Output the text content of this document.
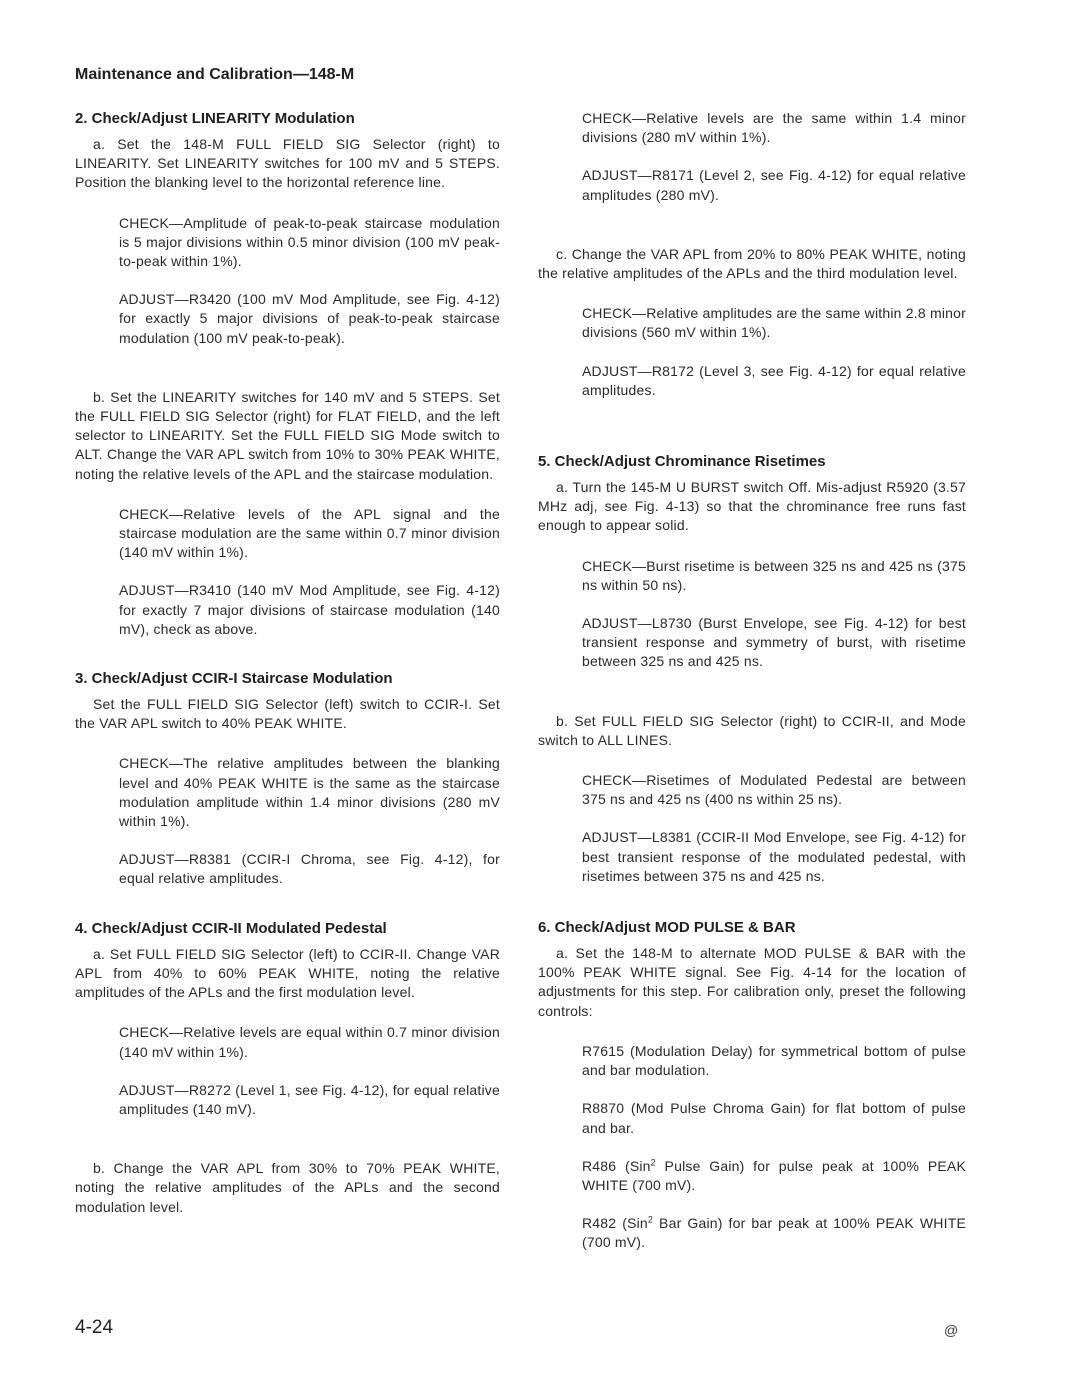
Maintenance and Calibration—148-M
2. Check/Adjust LINEARITY Modulation

a. Set the 148-M FULL FIELD SIG Selector (right) to LINEARITY. Set LINEARITY switches for 100 mV and 5 STEPS. Position the blanking level to the horizontal reference line.

CHECK—Amplitude of peak-to-peak staircase modulation is 5 major divisions within 0.5 minor division (100 mV peak-to-peak within 1%).

ADJUST—R3420 (100 mV Mod Amplitude, see Fig. 4-12) for exactly 5 major divisions of peak-to-peak staircase modulation (100 mV peak-to-peak).

b. Set the LINEARITY switches for 140 mV and 5 STEPS. Set the FULL FIELD SIG Selector (right) for FLAT FIELD, and the left selector to LINEARITY. Set the FULL FIELD SIG Mode switch to ALT. Change the VAR APL switch from 10% to 30% PEAK WHITE, noting the relative levels of the APL and the staircase modulation.

CHECK—Relative levels of the APL signal and the staircase modulation are the same within 0.7 minor division (140 mV within 1%).

ADJUST—R3410 (140 mV Mod Amplitude, see Fig. 4-12) for exactly 7 major divisions of staircase modulation (140 mV), check as above.

3. Check/Adjust CCIR-I Staircase Modulation

Set the FULL FIELD SIG Selector (left) switch to CCIR-I. Set the VAR APL switch to 40% PEAK WHITE.

CHECK—The relative amplitudes between the blanking level and 40% PEAK WHITE is the same as the staircase modulation amplitude within 1.4 minor divisions (280 mV within 1%).

ADJUST—R8381 (CCIR-I Chroma, see Fig. 4-12), for equal relative amplitudes.

4. Check/Adjust CCIR-II Modulated Pedestal

a. Set FULL FIELD SIG Selector (left) to CCIR-II. Change VAR APL from 40% to 60% PEAK WHITE, noting the relative amplitudes of the APLs and the first modulation level.

CHECK—Relative levels are equal within 0.7 minor division (140 mV within 1%).

ADJUST—R8272 (Level 1, see Fig. 4-12), for equal relative amplitudes (140 mV).

b. Change the VAR APL from 30% to 70% PEAK WHITE, noting the relative amplitudes of the APLs and the second modulation level.

CHECK—Relative levels are the same within 1.4 minor divisions (280 mV within 1%).

ADJUST—R8171 (Level 2, see Fig. 4-12) for equal relative amplitudes (280 mV).

c. Change the VAR APL from 20% to 80% PEAK WHITE, noting the relative amplitudes of the APLs and the third modulation level.

CHECK—Relative amplitudes are the same within 2.8 minor divisions (560 mV within 1%).

ADJUST—R8172 (Level 3, see Fig. 4-12) for equal relative amplitudes.

5. Check/Adjust Chrominance Risetimes

a. Turn the 145-M U BURST switch Off. Mis-adjust R5920 (3.57 MHz adj, see Fig. 4-13) so that the chrominance free runs fast enough to appear solid.

CHECK—Burst risetime is between 325 ns and 425 ns (375 ns within 50 ns).

ADJUST—L8730 (Burst Envelope, see Fig. 4-12) for best transient response and symmetry of burst, with risetime between 325 ns and 425 ns.

b. Set FULL FIELD SIG Selector (right) to CCIR-II, and Mode switch to ALL LINES.

CHECK—Risetimes of Modulated Pedestal are between 375 ns and 425 ns (400 ns within 25 ns).

ADJUST—L8381 (CCIR-II Mod Envelope, see Fig. 4-12) for best transient response of the modulated pedestal, with risetimes between 375 ns and 425 ns.

6. Check/Adjust MOD PULSE & BAR

a. Set the 148-M to alternate MOD PULSE & BAR with the 100% PEAK WHITE signal. See Fig. 4-14 for the location of adjustments for this step. For calibration only, preset the following controls:

R7615 (Modulation Delay) for symmetrical bottom of pulse and bar modulation.

R8870 (Mod Pulse Chroma Gain) for flat bottom of pulse and bar.

R486 (Sin$^2$ Pulse Gain) for pulse peak at 100% PEAK WHITE (700 mV).

R482 (Sin$^2$ Bar Gain) for bar peak at 100% PEAK WHITE (700 mV).

4-24	@
